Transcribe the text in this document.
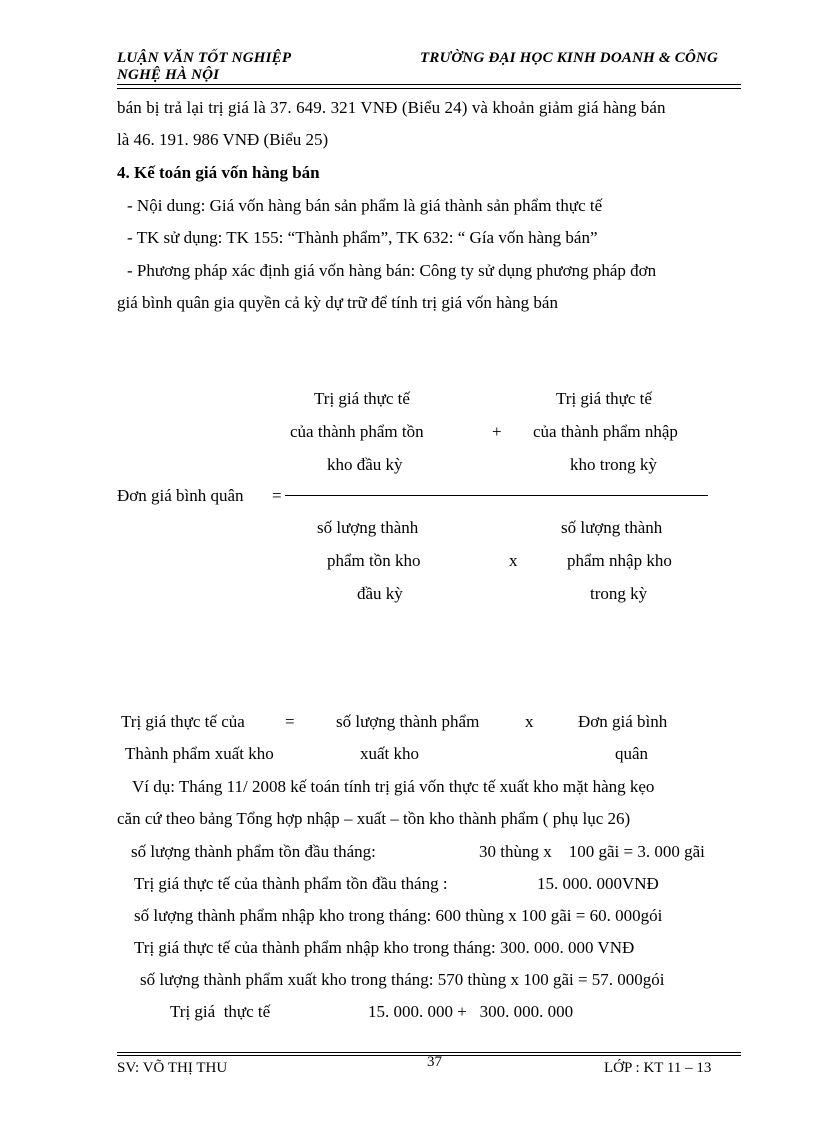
LUẬN VĂN TỐT NGHIỆP
NGHỆ HÀ NỘI
TRƯỜNG ĐẠI HỌC KINH DOANH & CÔNG
bán bị trả lại trị giá là 37. 649. 321 VNĐ (Biểu 24) và khoản giảm giá hàng bán
là 46. 191. 986 VNĐ (Biểu 25)
4. Kế toán giá vốn hàng bán
- Nội dung: Giá vốn hàng bán sản phẩm là giá thành sản phẩm thực tế
- TK sử dụng: TK 155: “Thành phẩm”, TK 632: “ Gía vốn hàng bán”
- Phương pháp xác định giá vốn hàng bán: Công ty sử dụng phương pháp đơn
giá bình quân gia quyền cả kỳ dự trữ để tính trị giá vốn hàng bán
Trị giá thực tế
của thành phẩm tồn
kho đầu kỳ
+
Trị giá thực tế
của thành phẩm nhập
kho trong kỳ
Đơn giá bình quân =
số lượng thành
phẩm tồn kho
đầu kỳ
x
số lượng thành
phẩm nhập kho
trong kỳ
Trị giá thực tế của = số lượng thành phẩm	x	Đơn giá bình
Thành phẩm xuất kho	xuất kho	quân
Ví dụ: Tháng 11/ 2008 kế toán tính trị giá vốn thực tế xuất kho mặt hàng kẹo
căn cứ theo bảng Tổng hợp nhập – xuất – tồn kho thành phẩm ( phụ lục 26)
số lượng thành phẩm tồn đầu tháng:	30 thùng x    100 gãi = 3. 000 gãi
Trị giá thực tế của thành phẩm tồn đầu tháng :	15. 000. 000VNĐ
số lượng thành phẩm nhập kho trong tháng: 600 thùng x 100 gãi = 60. 000gói
Trị giá thực tế của thành phẩm nhập kho trong tháng: 300. 000. 000 VNĐ
số lượng thành phẩm xuất kho trong tháng: 570 thùng x 100 gãi = 57. 000gói
Trị giá  thực tế	15. 000. 000 +   300. 000. 000
SV: VÕ THỊ THU	37	LỚP : KT 11 – 13
